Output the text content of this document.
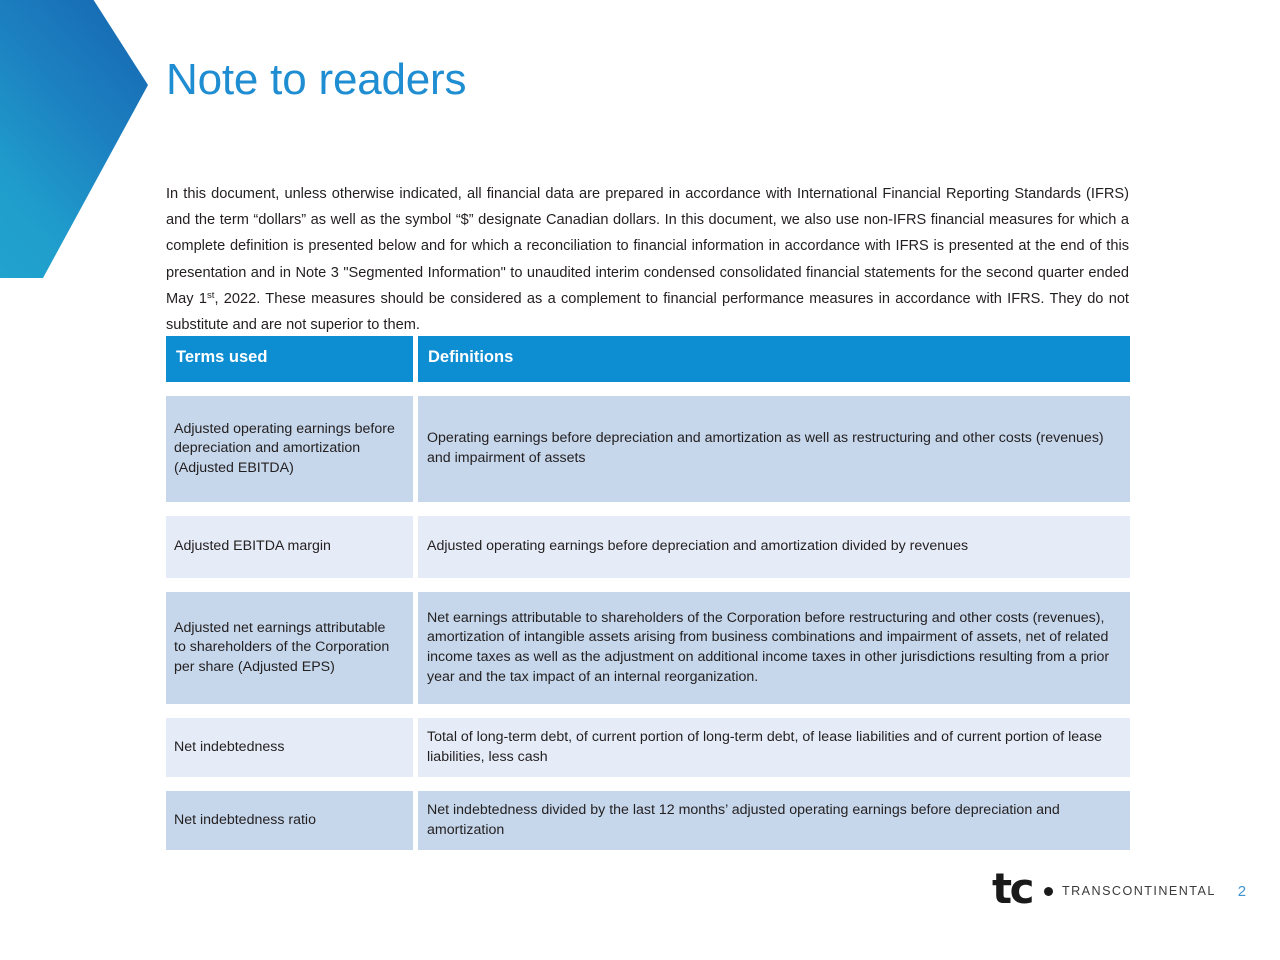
Note to readers
In this document, unless otherwise indicated, all financial data are prepared in accordance with International Financial Reporting Standards (IFRS) and the term “dollars” as well as the symbol “$” designate Canadian dollars. In this document, we also use non-IFRS financial measures for which a complete definition is presented below and for which a reconciliation to financial information in accordance with IFRS is presented at the end of this presentation and in Note 3 "Segmented Information" to unaudited interim condensed consolidated financial statements for the second quarter ended May 1st, 2022. These measures should be considered as a complement to financial performance measures in accordance with IFRS. They do not substitute and are not superior to them.
Terms used		Definitions

Adjusted operating earnings before depreciation and amortization (Adjusted EBITDA)		Operating earnings before depreciation and amortization as well as restructuring and other costs (revenues) and impairment of assets

Adjusted EBITDA margin		Adjusted operating earnings before depreciation and amortization divided by revenues

Adjusted net earnings attributable to shareholders of the Corporation per share (Adjusted EPS)		Net earnings attributable to shareholders of the Corporation before restructuring and other costs (revenues), amortization of intangible assets arising from business combinations and impairment of assets, net of related income taxes as well as the adjustment on additional income taxes in other jurisdictions resulting from a prior year and the tax impact of an internal reorganization.

Net indebtedness		Total of long-term debt, of current portion of long-term debt, of lease liabilities and of current portion of lease liabilities, less cash

Net indebtedness ratio		Net indebtedness divided by the last 12 months’ adjusted operating earnings before depreciation and amortization
tc TRANSCONTINENTAL 2
